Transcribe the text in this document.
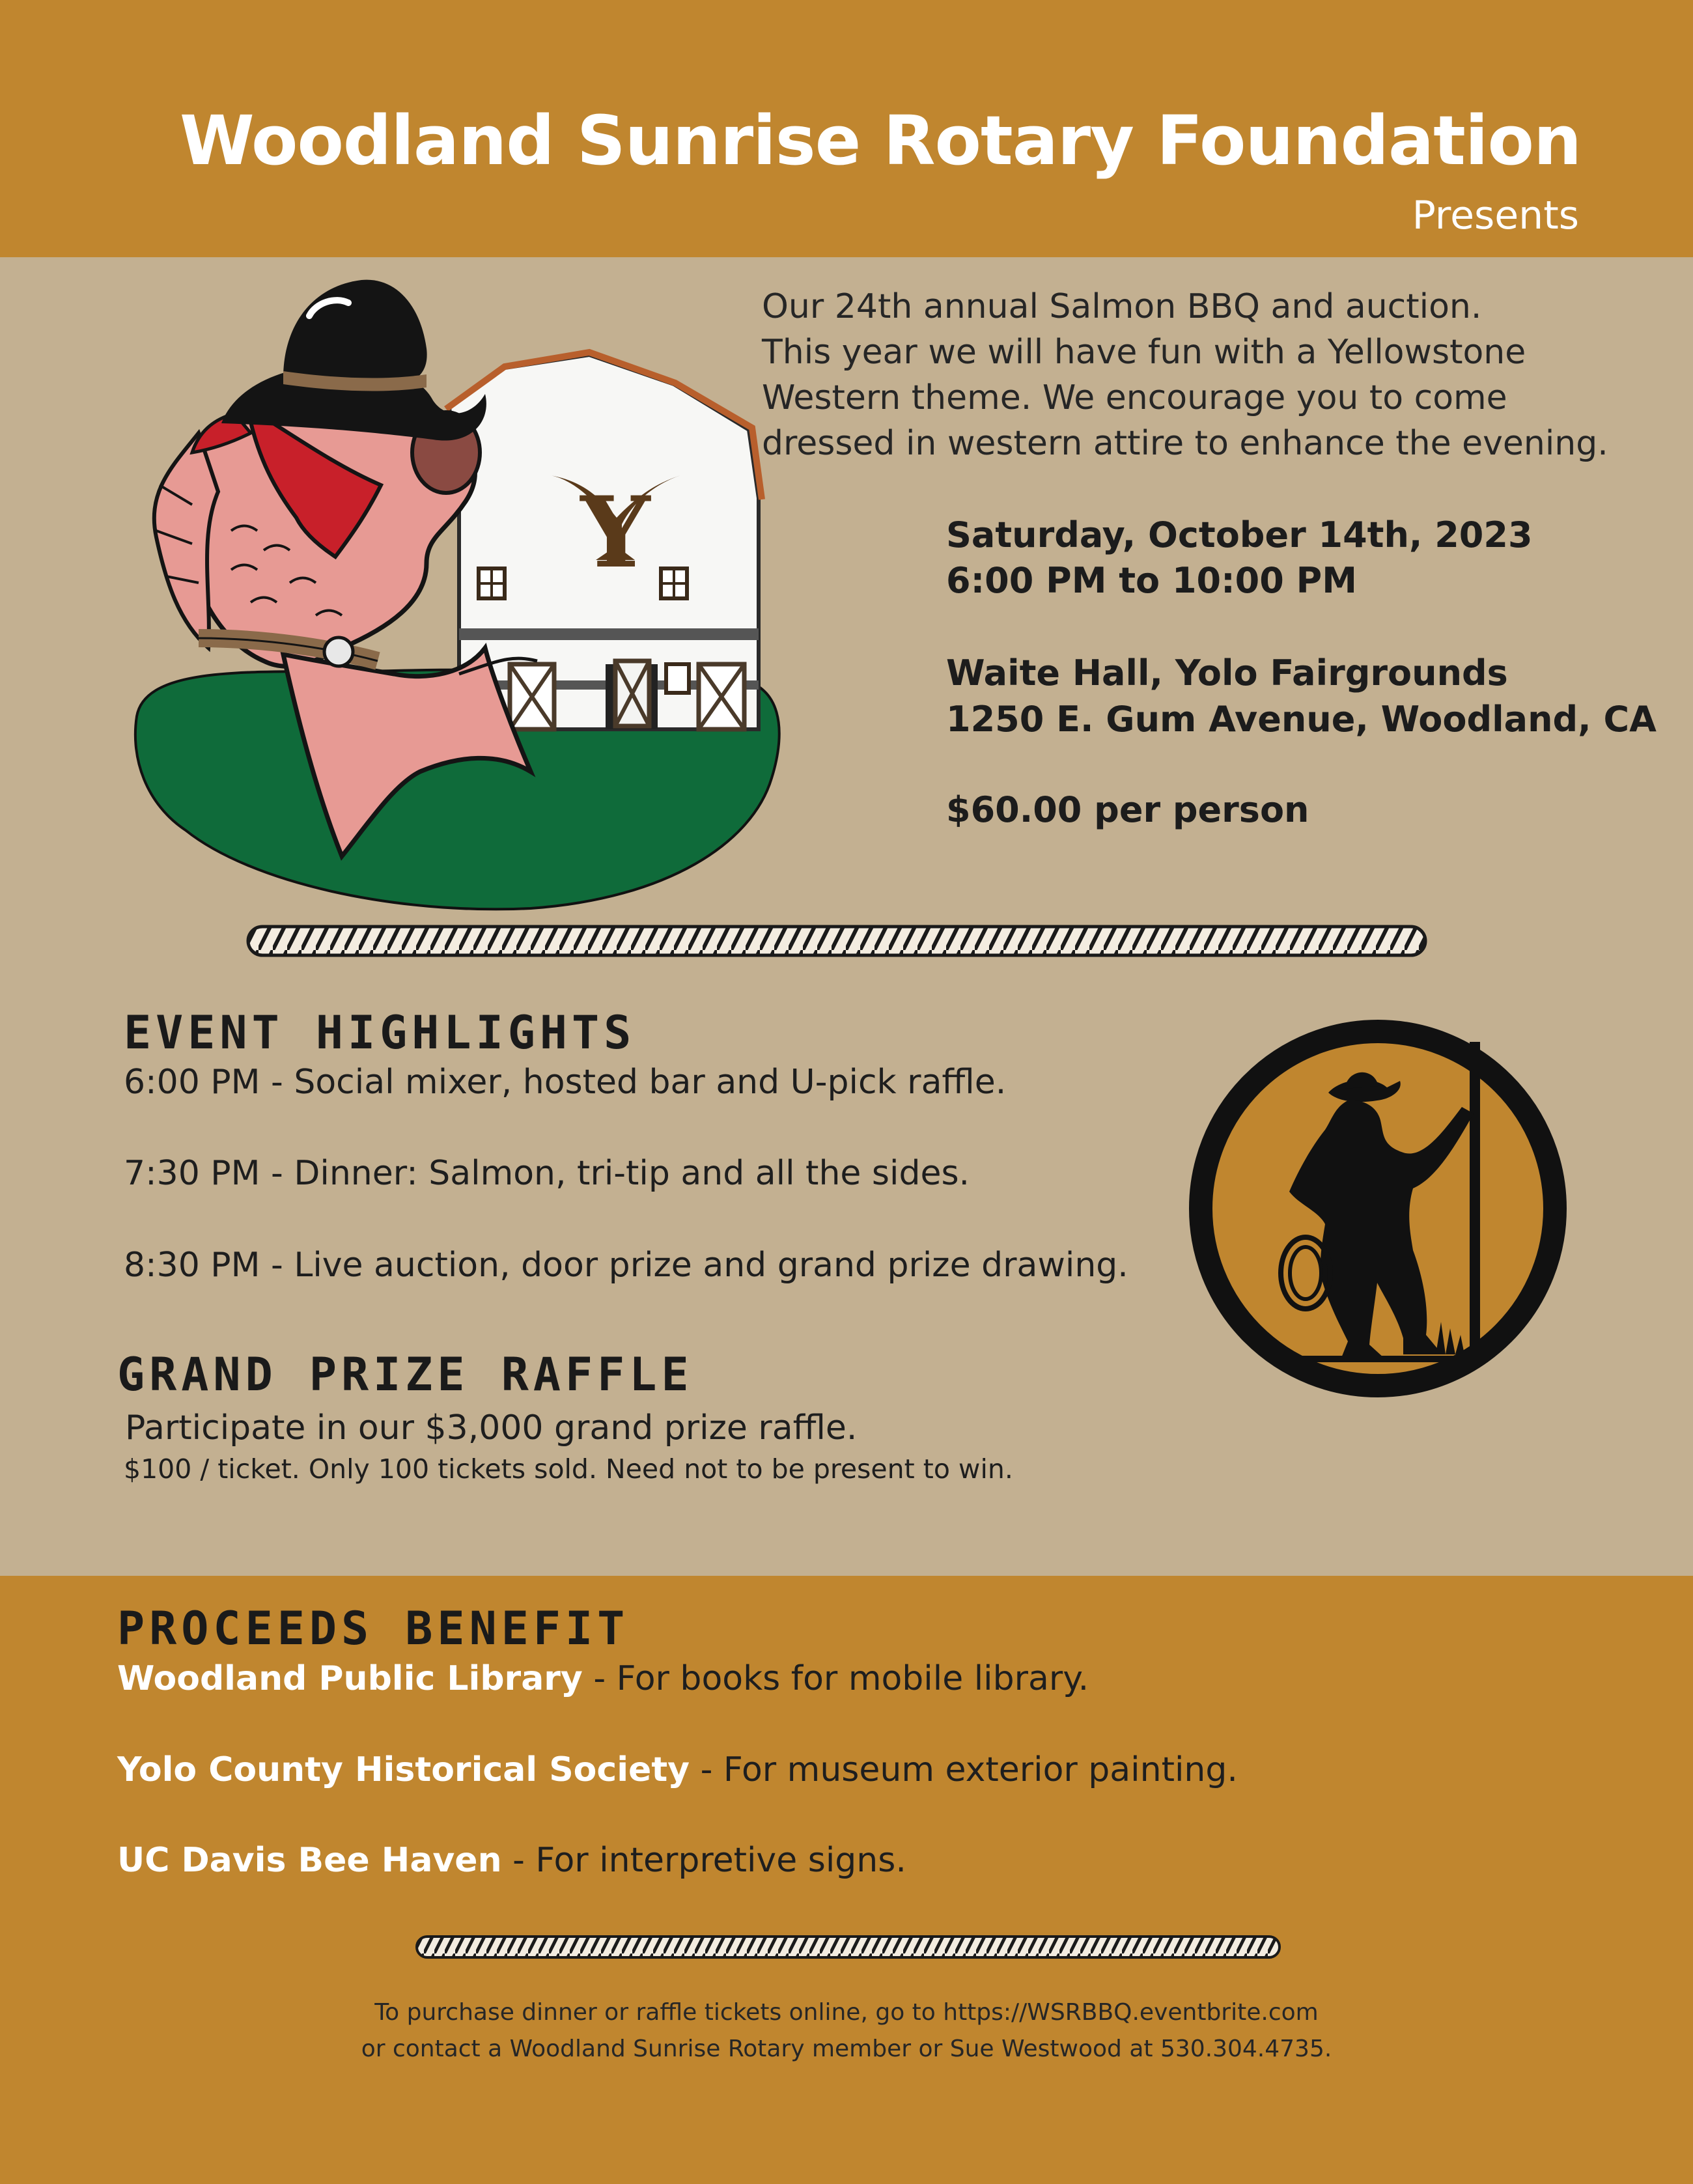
Woodland Sunrise Rotary Foundation
Presents
Y
Our 24th annual Salmon BBQ and auction.
This year we will have fun with a Yellowstone
Western theme. We encourage you to come
dressed in western attire to enhance the evening.
Saturday, October 14th, 2023
6:00 PM to 10:00 PM
Waite Hall, Yolo Fairgrounds
1250 E. Gum Avenue, Woodland, CA
$60.00 per person
EVENT HIGHLIGHTS
6:00 PM - Social mixer, hosted bar and U-pick raffle.
7:30 PM - Dinner: Salmon, tri-tip and all the sides.
8:30 PM - Live auction, door prize and grand prize drawing.
GRAND PRIZE RAFFLE
Participate in our $3,000 grand prize raffle.
$100 / ticket. Only 100 tickets sold. Need not to be present to win.
PROCEEDS BENEFIT
Woodland Public Library - For books for mobile library.
Yolo County Historical Society - For museum exterior painting.
UC Davis Bee Haven - For interpretive signs.
To purchase dinner or raffle tickets online, go to https://WSRBBQ.eventbrite.com
or contact a Woodland Sunrise Rotary member or Sue Westwood at 530.304.4735.
